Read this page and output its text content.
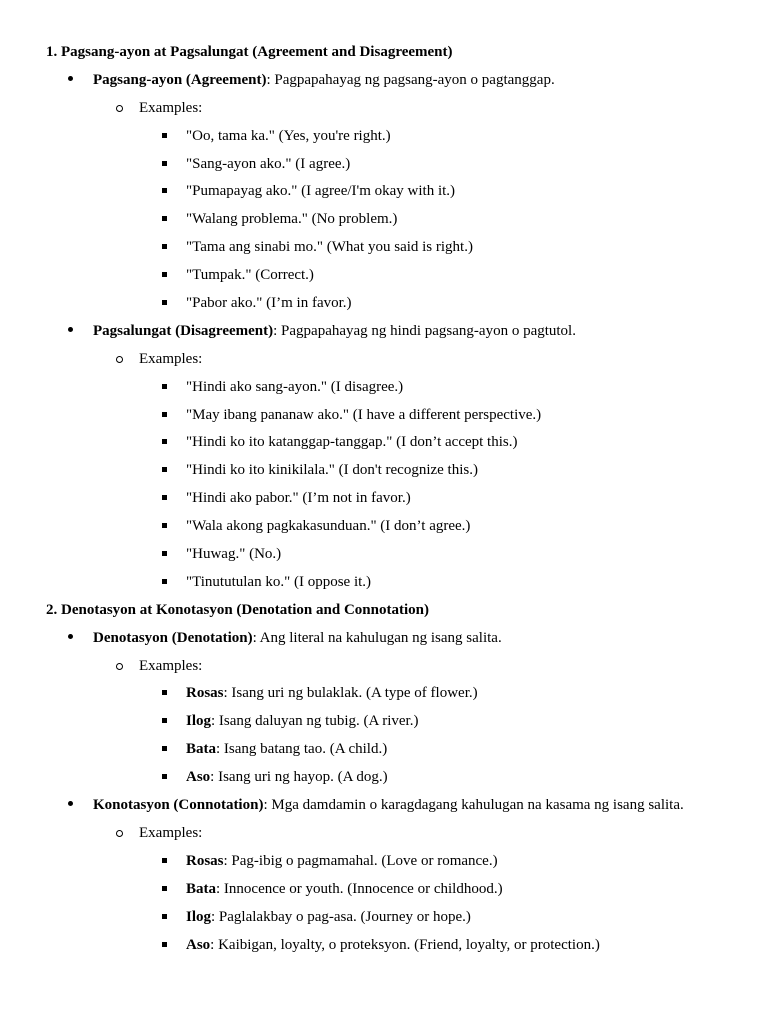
1. Pagsang-ayon at Pagsalungat (Agreement and Disagreement)
Pagsang-ayon (Agreement): Pagpapahayag ng pagsang-ayon o pagtanggap.
Examples:
"Oo, tama ka." (Yes, you're right.)
"Sang-ayon ako." (I agree.)
"Pumapayag ako." (I agree/I'm okay with it.)
"Walang problema." (No problem.)
"Tama ang sinabi mo." (What you said is right.)
"Tumpak." (Correct.)
"Pabor ako." (I’m in favor.)
Pagsalungat (Disagreement): Pagpapahayag ng hindi pagsang-ayon o pagtutol.
Examples:
"Hindi ako sang-ayon." (I disagree.)
"May ibang pananaw ako." (I have a different perspective.)
"Hindi ko ito katanggap-tanggap." (I don’t accept this.)
"Hindi ko ito kinikilala." (I don't recognize this.)
"Hindi ako pabor." (I’m not in favor.)
"Wala akong pagkakasunduan." (I don’t agree.)
"Huwag." (No.)
"Tinututulan ko." (I oppose it.)
2. Denotasyon at Konotasyon (Denotation and Connotation)
Denotasyon (Denotation): Ang literal na kahulugan ng isang salita.
Examples:
Rosas: Isang uri ng bulaklak. (A type of flower.)
Ilog: Isang daluyan ng tubig. (A river.)
Bata: Isang batang tao. (A child.)
Aso: Isang uri ng hayop. (A dog.)
Konotasyon (Connotation): Mga damdamin o karagdagang kahulugan na kasama ng isang salita.
Examples:
Rosas: Pag-ibig o pagmamahal. (Love or romance.)
Bata: Innocence or youth. (Innocence or childhood.)
Ilog: Paglalakbay o pag-asa. (Journey or hope.)
Aso: Kaibigan, loyalty, o proteksyon. (Friend, loyalty, or protection.)
